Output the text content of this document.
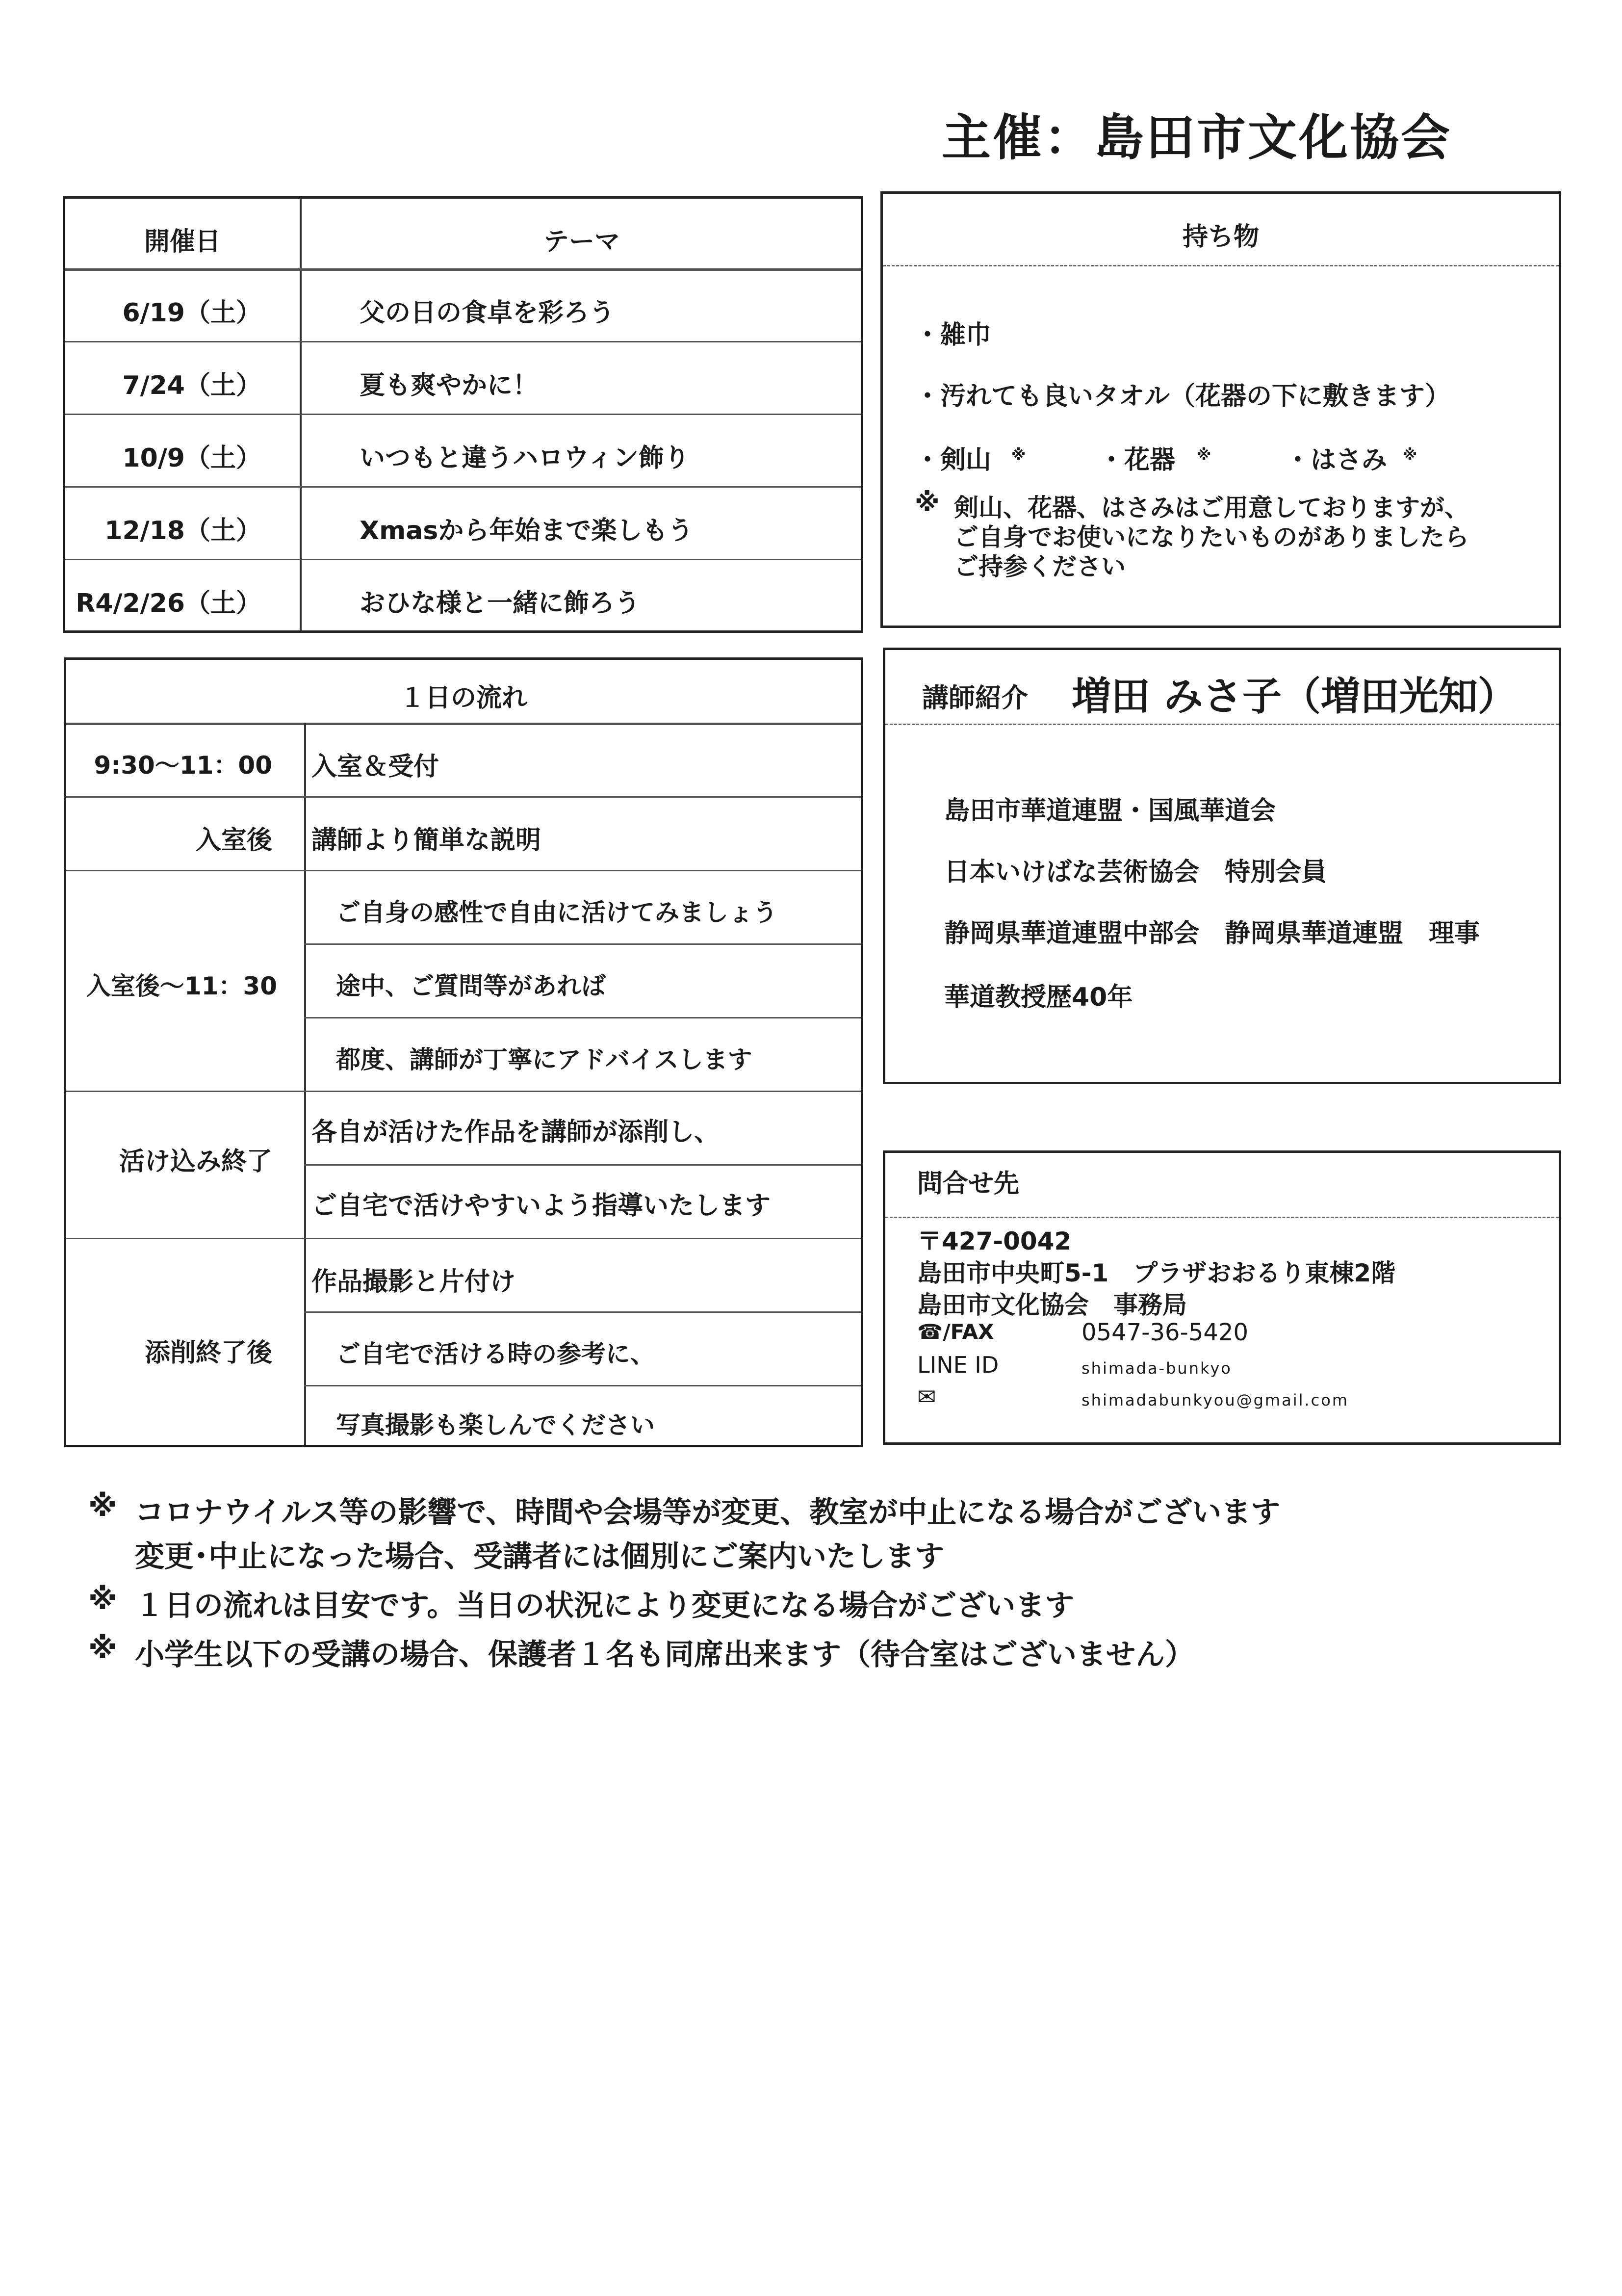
主催：島田市文化協会
開催日	テーマ
6/19（土）	父の日の食卓を彩ろう
7/24（土）	夏も爽やかに！
10/9（土）	いつもと違うハロウィン飾り
12/18（土）	Xmasから年始まで楽しもう
R4/2/26（土）	おひな様と一緒に飾ろう
持ち物
・雑巾
・汚れても良いタオル（花器の下に敷きます）
・剣山 ※	・花器 ※	・はさみ ※
※ 剣山、花器、はさみはご用意しておりますが、
ご自身でお使いになりたいものがありましたら
ご持参ください
１日の流れ
9:30～11：00 入室＆受付
入室後 講師より簡単な説明
入室後～11：30
ご自身の感性で自由に活けてみましょう
途中、ご質問等があれば
都度、講師が丁寧にアドバイスします
活け込み終了
各自が活けた作品を講師が添削し、
ご自宅で活けやすいよう指導いたします
添削終了後
作品撮影と片付け
ご自宅で活ける時の参考に、
写真撮影も楽しんでください
講師紹介 増田 みさ子（増田光知）
島田市華道連盟・国風華道会
日本いけばな芸術協会　特別会員
静岡県華道連盟中部会　静岡県華道連盟　理事
華道教授歴40年
問合せ先
〒427-0042
島田市中央町5-1　プラザおおるり東棟2階
島田市文化協会　事務局
☎/FAX	0547-36-5420
LINE ID	shimada-bunkyo
✉	shimadabunkyou@gmail.com
※ コロナウイルス等の影響で、時間や会場等が変更、教室が中止になる場合がございます
変更･中止になった場合、受講者には個別にご案内いたします
※ １日の流れは目安です。当日の状況により変更になる場合がございます
※ 小学生以下の受講の場合、保護者１名も同席出来ます（待合室はございません）
